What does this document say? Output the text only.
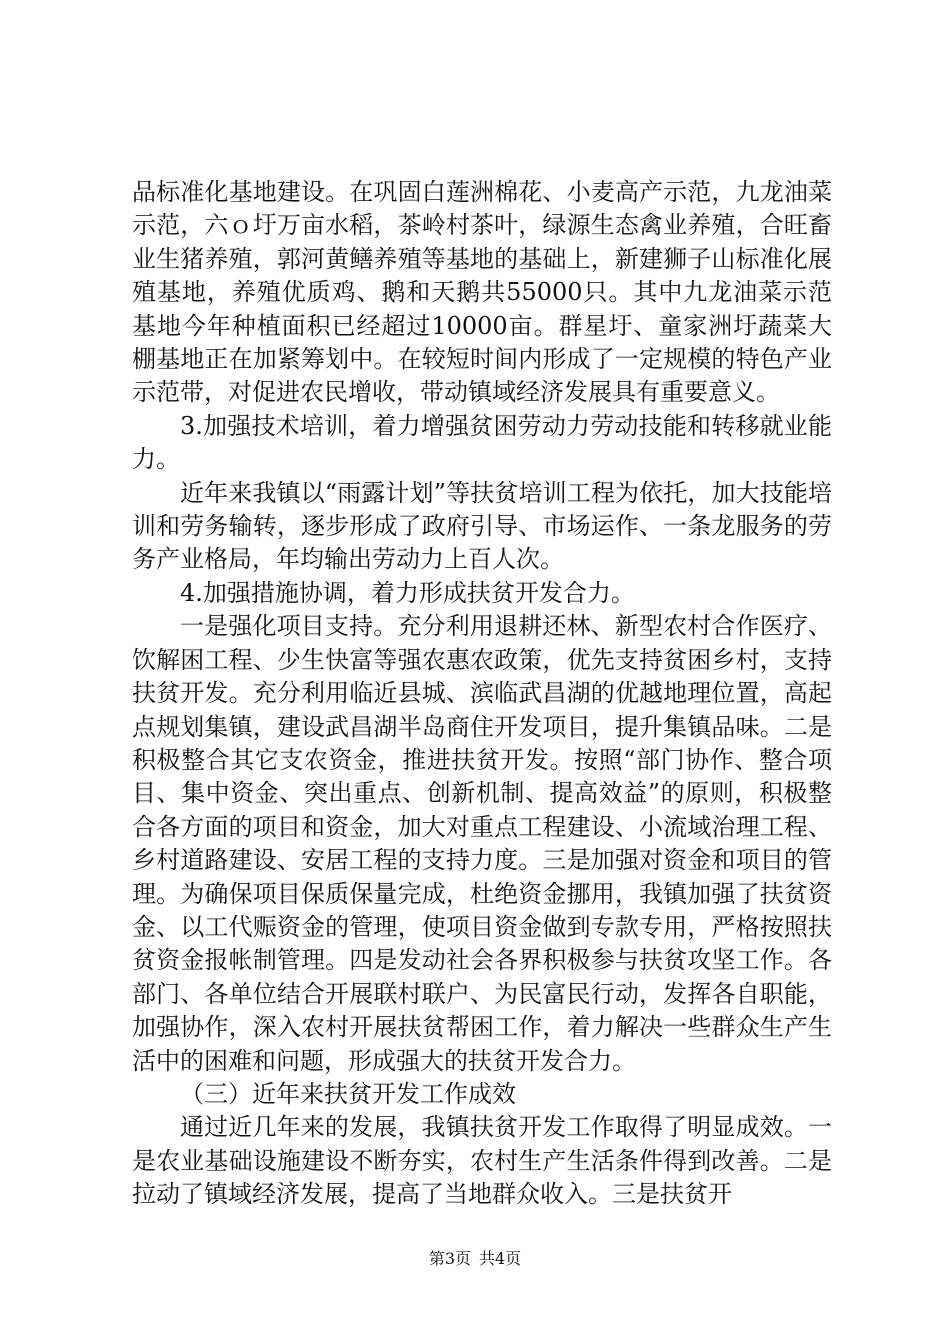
品标准化基地建设。在巩固白莲洲棉花、小麦高产示范，九龙油菜示范，六ｏ圩万亩水稻，茶岭村茶叶，绿源生态禽业养殖，合旺畜业生猪养殖，郭河黄鳝养殖等基地的基础上，新建狮子山标准化展殖基地，养殖优质鸡、鹅和天鹅共55000只。其中九龙油菜示范基地今年种植面积已经超过10000亩。群星圩、童家洲圩蔬菜大棚基地正在加紧筹划中。在较短时间内形成了一定规模的特色产业示范带，对促进农民增收，带动镇域经济发展具有重要意义。

3.加强技术培训，着力增强贫困劳动力劳动技能和转移就业能力。

近年来我镇以“雨露计划”等扶贫培训工程为依托，加大技能培训和劳务输转，逐步形成了政府引导、市场运作、一条龙服务的劳务产业格局，年均输出劳动力上百人次。

4.加强措施协调，着力形成扶贫开发合力。

一是强化项目支持。充分利用退耕还林、新型农村合作医疗、饮解困工程、少生快富等强农惠农政策，优先支持贫困乡村，支持扶贫开发。充分利用临近县城、滨临武昌湖的优越地理位置，高起点规划集镇，建设武昌湖半岛商住开发项目，提升集镇品味。二是积极整合其它支农资金，推进扶贫开发。按照“部门协作、整合项目、集中资金、突出重点、创新机制、提高效益”的原则，积极整合各方面的项目和资金，加大对重点工程建设、小流域治理工程、乡村道路建设、安居工程的支持力度。三是加强对资金和项目的管理。为确保项目保质保量完成，杜绝资金挪用，我镇加强了扶贫资金、以工代赈资金的管理，使项目资金做到专款专用，严格按照扶贫资金报帐制管理。四是发动社会各界积极参与扶贫攻坚工作。各部门、各单位结合开展联村联户、为民富民行动，发挥各自职能，加强协作，深入农村开展扶贫帮困工作，着力解决一些群众生产生活中的困难和问题，形成强大的扶贫开发合力。

（三）近年来扶贫开发工作成效

通过近几年来的发展，我镇扶贫开发工作取得了明显成效。一是农业基础设施建设不断夯实，农村生产生活条件得到改善。二是拉动了镇域经济发展，提高了当地群众收入。三是扶贫开

第3页 共4页
